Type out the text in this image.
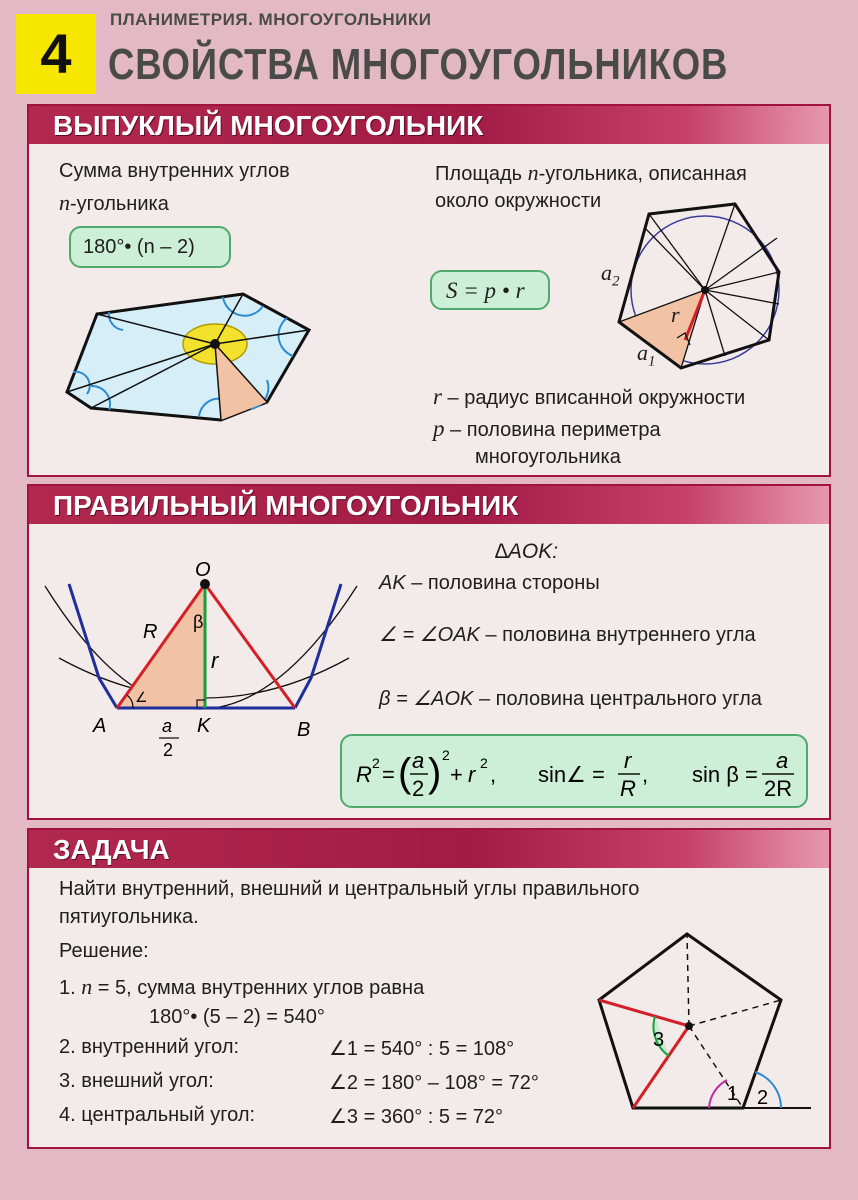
4
ПЛАНИМЕТРИЯ. МНОГОУГОЛЬНИКИ
СВОЙСТВА МНОГОУГОЛЬНИКОВ
ВЫПУКЛЫЙ МНОГОУГОЛЬНИК
Сумма внутренних углов
n-угольника
180°• (n – 2)
Площадь n-угольника, описанная
около окружности
S = p • r
$a_2$
$a_1$
r
r – радиус вписанной окружности
p – половина периметра
многоугольника
ПРАВИЛЬНЫЙ МНОГОУГОЛЬНИК
O
R β
r
∠
A	K	B
a
2
∆AOK:
AK – половина стороны
∠ = ∠OAK – половина внутреннего угла
β = ∠AOK – половина центрального угла
R 2 = ( a
2 ) 2
+ r 2 , sin∠ =
r
R
, sin β =
a
2R
ЗАДАЧА
Найти внутренний, внешний и центральный углы правильного
пятиугольника.
Решение:
1. n = 5, сумма внутренних углов равна
180°• (5 – 2) = 540°
2. внутренний угол:	∠1 = 540° : 5 = 108°
3. внешний угол:	∠2 = 180° – 108° = 72°
4. центральный угол:	∠3 = 360° : 5 = 72°
3
1 2
